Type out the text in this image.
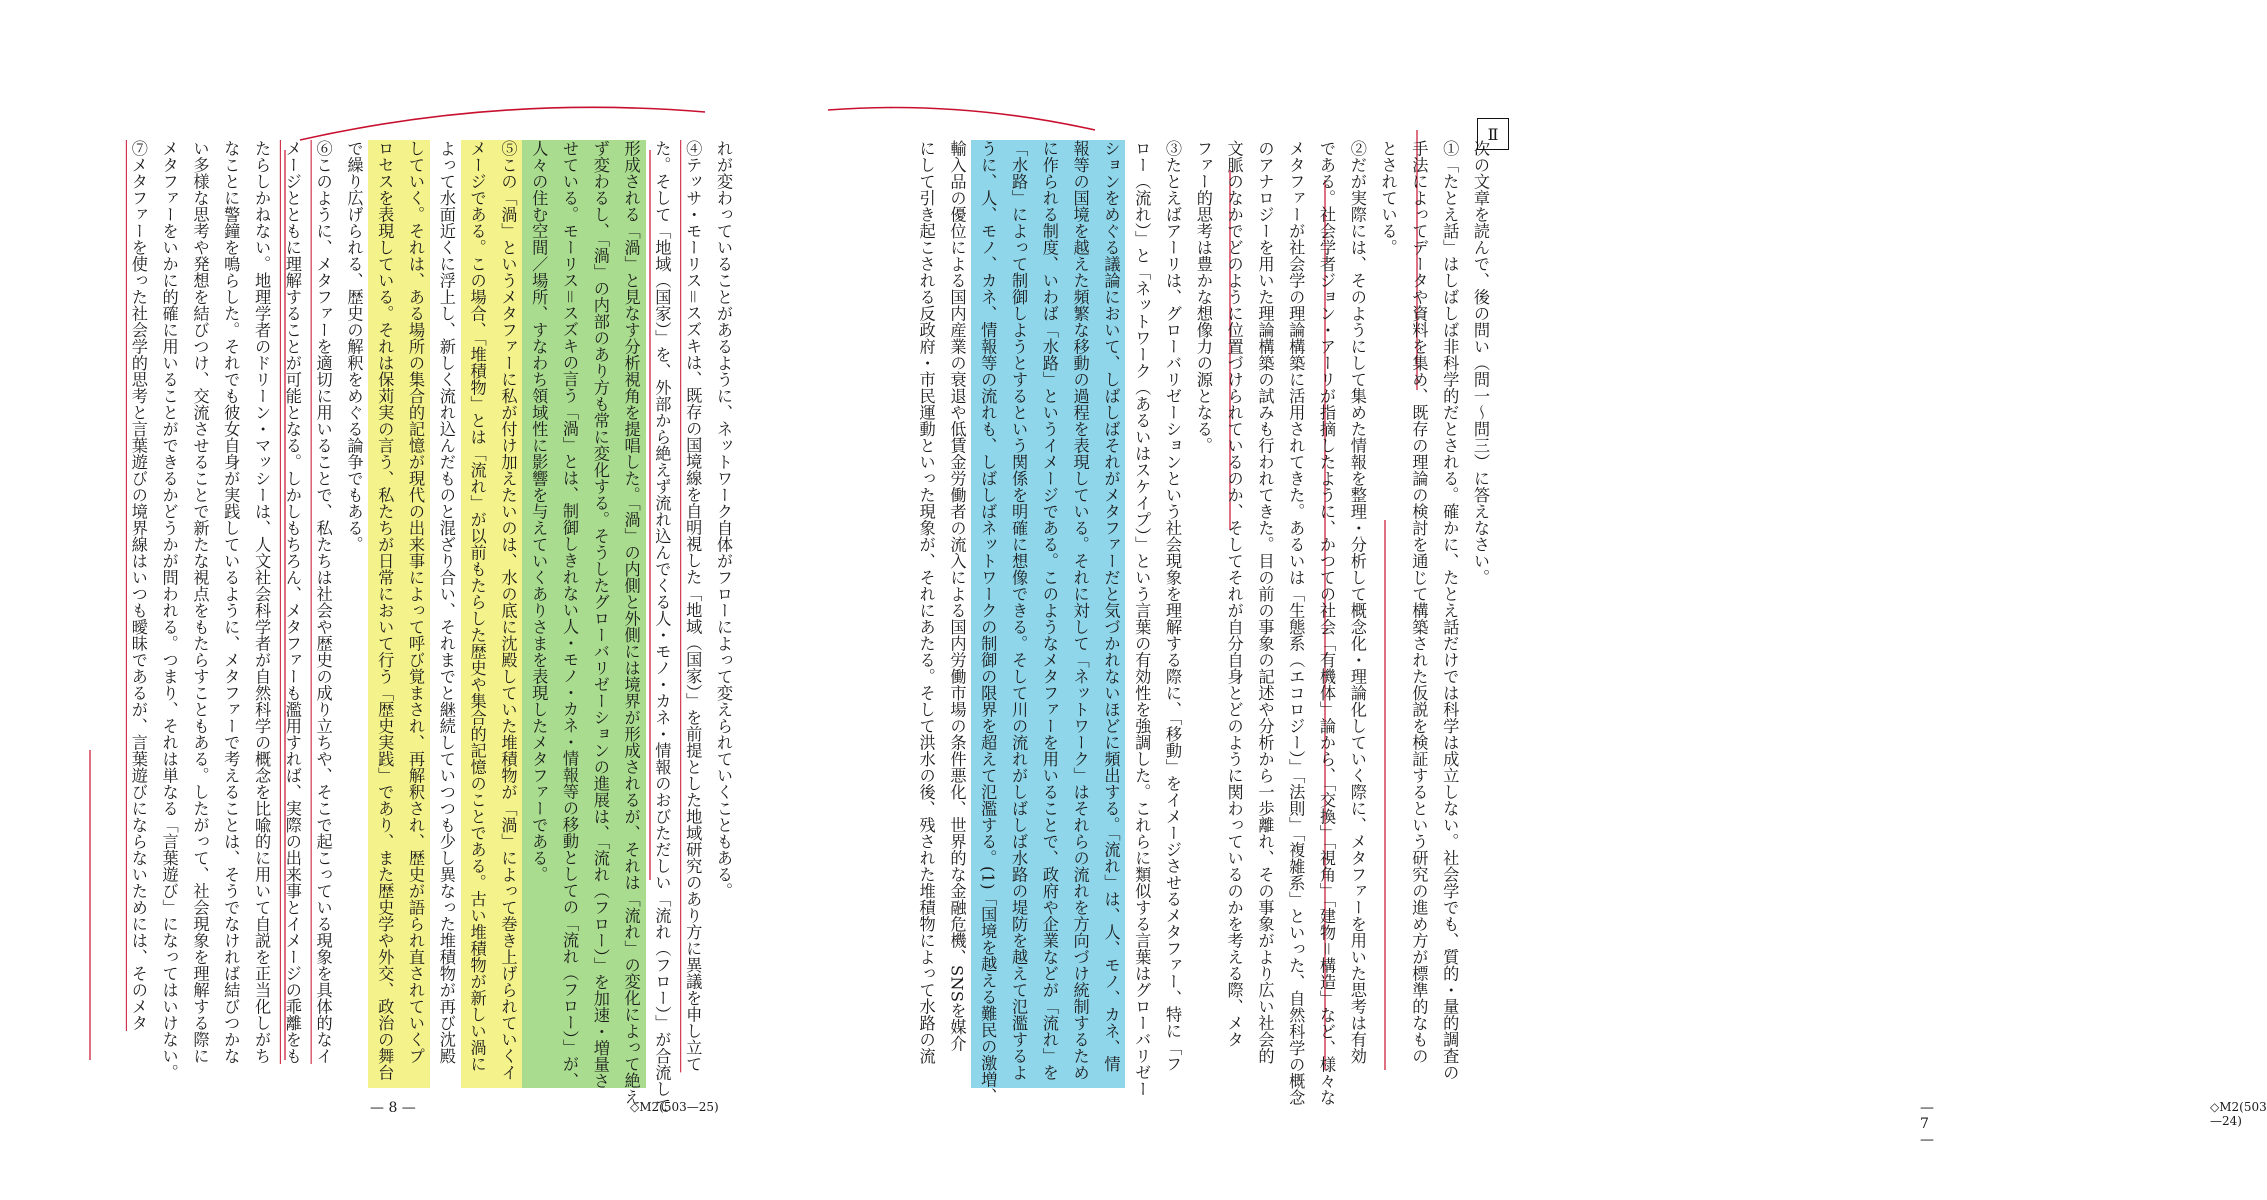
れが変わっていることがあるように、ネットワーク自体がフローによって変えられていくこともある。

④テッサ・モーリス＝スズキは、既存の国境線を自明視した「地域（国家）」を前提とした地域研究のあり方に異議を申し立て

た。そして「地域（国家）」を、外部から絶えず流れ込んでくる人・モノ・カネ・情報のおびただしい「流れ（フロー）」が合流して

形成される「渦」と見なす分析視角を提唱した。「渦」の内側と外側には境界が形成されるが、それは「流れ」の変化によって絶え

ず変わるし、「渦」の内部のあり方も常に変化する。そうしたグローバリゼーションの進展は、「流れ（フロー）」を加速・増量さ

せている。モーリス＝スズキの言う「渦」とは、制御しきれない人・モノ・カネ・情報等の移動としての「流れ（フロー）」が、

人々の住む空間／場所、すなわち領域性に影響を与えていくありさまを表現したメタファーである。

⑤この「渦」というメタファーに私が付け加えたいのは、水の底に沈殿していた堆積物が「渦」によって巻き上げられていくイ

メージである。この場合、「堆積物」とは「流れ」が以前もたらした歴史や集合的記憶のことである。古い堆積物が新しい渦に

よって水面近くに浮上し、新しく流れ込んだものと混ざり合い、それまでと継続していつつも少し異なった堆積物が再び沈殿

していく。それは、ある場所の集合的記憶が現代の出来事によって呼び覚まされ、再解釈され、歴史が語られ直されていくプ

ロセスを表現している。それは保苅実の言う、私たちが日常において行う「歴史実践」であり、また歴史学や外交、政治の舞台

で繰り広げられる、歴史の解釈をめぐる論争でもある。

⑥このように、メタファーを適切に用いることで、私たちは社会や歴史の成り立ちや、そこで起こっている現象を具体的なイ

メージとともに理解することが可能となる。しかしもちろん、メタファーも濫用すれば、実際の出来事とイメージの乖離をも

たらしかねない。地理学者のドリーン・マッシーは、人文社会科学者が自然科学の概念を比喩的に用いて自説を正当化しがち

なことに警鐘を鳴らした。それでも彼女自身が実践しているように、メタファーで考えることは、そうでなければ結びつかな

い多様な思考や発想を結びつけ、交流させることで新たな視点をもたらすこともある。したがって、社会現象を理解する際に

メタファーをいかに的確に用いることができるかどうかが問われる。つまり、それは単なる「言葉遊び」になってはいけない。

⑦メタファーを使った社会学的思考と言葉遊びの境界線はいつも曖昧であるが、言葉遊びにならないためには、そのメタ

— 8 —	◇M2(503—25)

次の文章を読んで、後の問い（問一〜問三）に答えなさい。

①「たとえ話」はしばしば非科学的だとされる。確かに、たとえ話だけでは科学は成立しない。社会学でも、質的・量的調査の

手法によってデータや資料を集め、既存の理論の検討を通じて構築された仮説を検証するという研究の進め方が標準的なもの

とされている。

②だが実際には、そのようにして集めた情報を整理・分析して概念化・理論化していく際に、メタファーを用いた思考は有効

である。社会学者ジョン・アーリが指摘したように、かつての社会「有機体」論から、「交換」「視角」「建物＝構造」など、様々な

メタファーが社会学の理論構築に活用されてきた。あるいは「生態系（エコロジー）」「法則」「複雑系」といった、自然科学の概念

のアナロジーを用いた理論構築の試みも行われてきた。目の前の事象の記述や分析から一歩離れ、その事象がより広い社会的

文脈のなかでどのように位置づけられているのか、そしてそれが自分自身とどのように関わっているのかを考える際、メタ

ファー的思考は豊かな想像力の源となる。

③たとえばアーリは、グローバリゼーションという社会現象を理解する際に、「移動」をイメージさせるメタファー、特に「フ

ロー（流れ）」と「ネットワーク（あるいはスケイプ）」という言葉の有効性を強調した。これらに類似する言葉はグローバリゼー

ションをめぐる議論において、しばしばそれがメタファーだと気づかれないほどに頻出する。「流れ」は、人、モノ、カネ、情

報等の国境を越えた頻繁な移動の過程を表現している。それに対して「ネットワーク」はそれらの流れを方向づけ統制するため

に作られる制度、いわば「水路」というイメージである。このようなメタファーを用いることで、政府や企業などが「流れ」を

「水路」によって制御しようとするという関係を明確に想像できる。そして川の流れがしばしば水路の堤防を越えて氾濫するよ

うに、人、モノ、カネ、情報等の流れも、しばしばネットワークの制御の限界を超えて氾濫する。(1)「国境を越える難民の激増、

輸入品の優位による国内産業の衰退や低賃金労働者の流入による国内労働市場の条件悪化、世界的な金融危機、SNSを媒介

にして引き起こされる反政府・市民運動といった現象が、それにあたる。そして洪水の後、残された堆積物によって水路の流

— 7 —
◇M2(503—24)
Ⅱ
